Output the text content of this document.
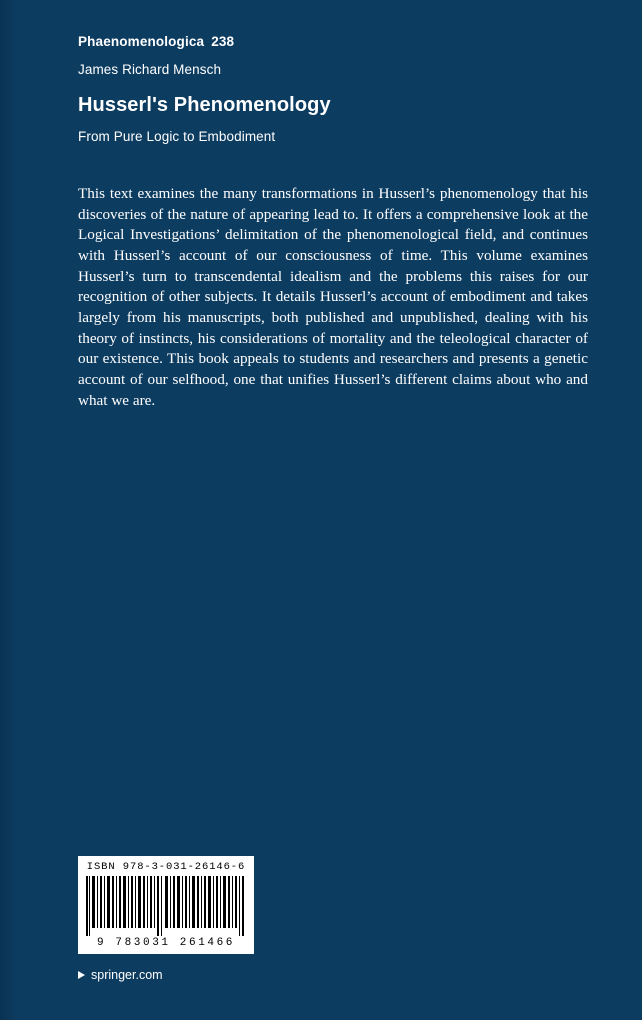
Phaenomenologica 238
James Richard Mensch
Husserl's Phenomenology
From Pure Logic to Embodiment
This text examines the many transformations in Husserl’s phenomenology that his discoveries of the nature of appearing lead to. It offers a comprehensive look at the Logical Investigations’ delimitation of the phenomenological field, and continues with Husserl’s account of our consciousness of time. This volume examines Husserl’s turn to transcendental idealism and the problems this raises for our recognition of other subjects. It details Husserl’s account of embodiment and takes largely from his manuscripts, both published and unpublished, dealing with his theory of instincts, his considerations of mortality and the teleological character of our existence. This book appeals to students and researchers and presents a genetic account of our selfhood, one that unifies Husserl’s different claims about who and what we are.
ISBN 978-3-031-26146-6
9 783031 261466
springer.com
